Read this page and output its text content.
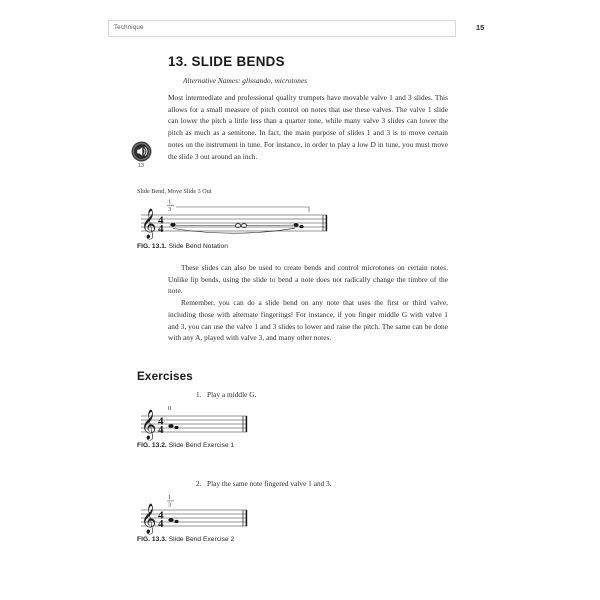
Technique	15
13. SLIDE BENDS
Alternative Names: glissando, microtones
13

Most intermediate and professional quality trumpets have movable valve 1 and 3 slides. This allows for a small measure of pitch control on notes that use these valves. The valve 1 slide can lower the pitch a little less than a quarter tone, while many valve 3 slides can lower the pitch as much as a semitone. In fact, the main purpose of slides 1 and 3 is to move certain notes on the instrument in tune. For instance, in order to play a low D in tune, you must move the slide 3 out around an inch.

Slide Bend, Move Slide 3 Out
1
3
𝄞 4
4
FIG. 13.1. Slide Bend Notation

These slides can also be used to create bends and control microtones on certain notes. Unlike lip bends, using the slide to bend a note does not radically change the timbre of the note.

Remember, you can do a slide bend on any note that uses the first or third valve, including those with alternate fingerings! For instance, if you finger middle G with valve 1 and 3, you can use the valve 1 and 3 slides to lower and raise the pitch. The same can be done with any A, played with valve 3, and many other notes.

Exercises
1. Play a middle G.
0
𝄞 4
4
FIG. 13.2. Slide Bend Exercise 1
2. Play the same note fingered valve 1 and 3.
1
3
𝄞 4
4
FIG. 13.3. Slide Bend Exercise 2
